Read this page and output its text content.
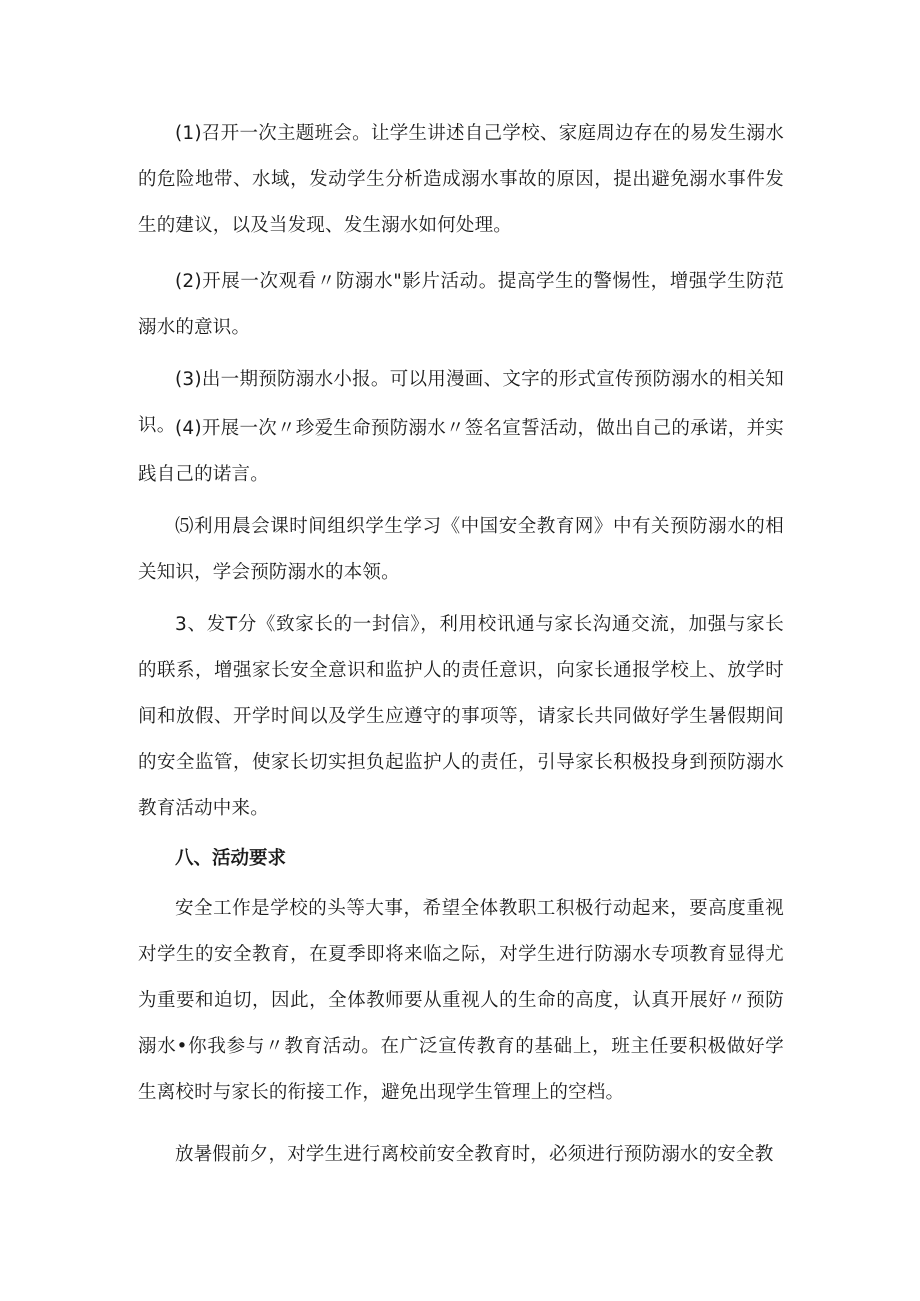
(1)召开一次主题班会。让学生讲述自己学校、家庭周边存在的易发生溺水的危险地带、水域，发动学生分析造成溺水事故的原因，提出避免溺水事件发生的建议，以及当发现、发生溺水如何处理。

(2)开展一次观看〃防溺水"影片活动。提高学生的警惕性，增强学生防范溺水的意识。

(3)出一期预防溺水小报。可以用漫画、文字的形式宣传预防溺水的相关知识。 (4)开展一次〃珍爱生命预防溺水〃签名宣誓活动，做出自己的承诺，并实践自己的诺言。

⑸利用晨会课时间组织学生学习《中国安全教育网》中有关预防溺水的相关知识，学会预防溺水的本领。

3、发T分《致家长的一封信》，利用校讯通与家长沟通交流，加强与家长的联系，增强家长安全意识和监护人的责任意识，向家长通报学校上、放学时间和放假、开学时间以及学生应遵守的事项等，请家长共同做好学生暑假期间的安全监管，使家长切实担负起监护人的责任，引导家长积极投身到预防溺水教育活动中来。

八、活动要求

安全工作是学校的头等大事，希望全体教职工积极行动起来，要高度重视对学生的安全教育，在夏季即将来临之际，对学生进行防溺水专项教育显得尤为重要和迫切，因此，全体教师要从重视人的生命的高度，认真开展好〃预防溺水•你我参与〃教育活动。在广泛宣传教育的基础上，班主任要积极做好学生离校时与家长的衔接工作，避免出现学生管理上的空档。

放暑假前夕，对学生进行离校前安全教育时，必须进行预防溺水的安全教
